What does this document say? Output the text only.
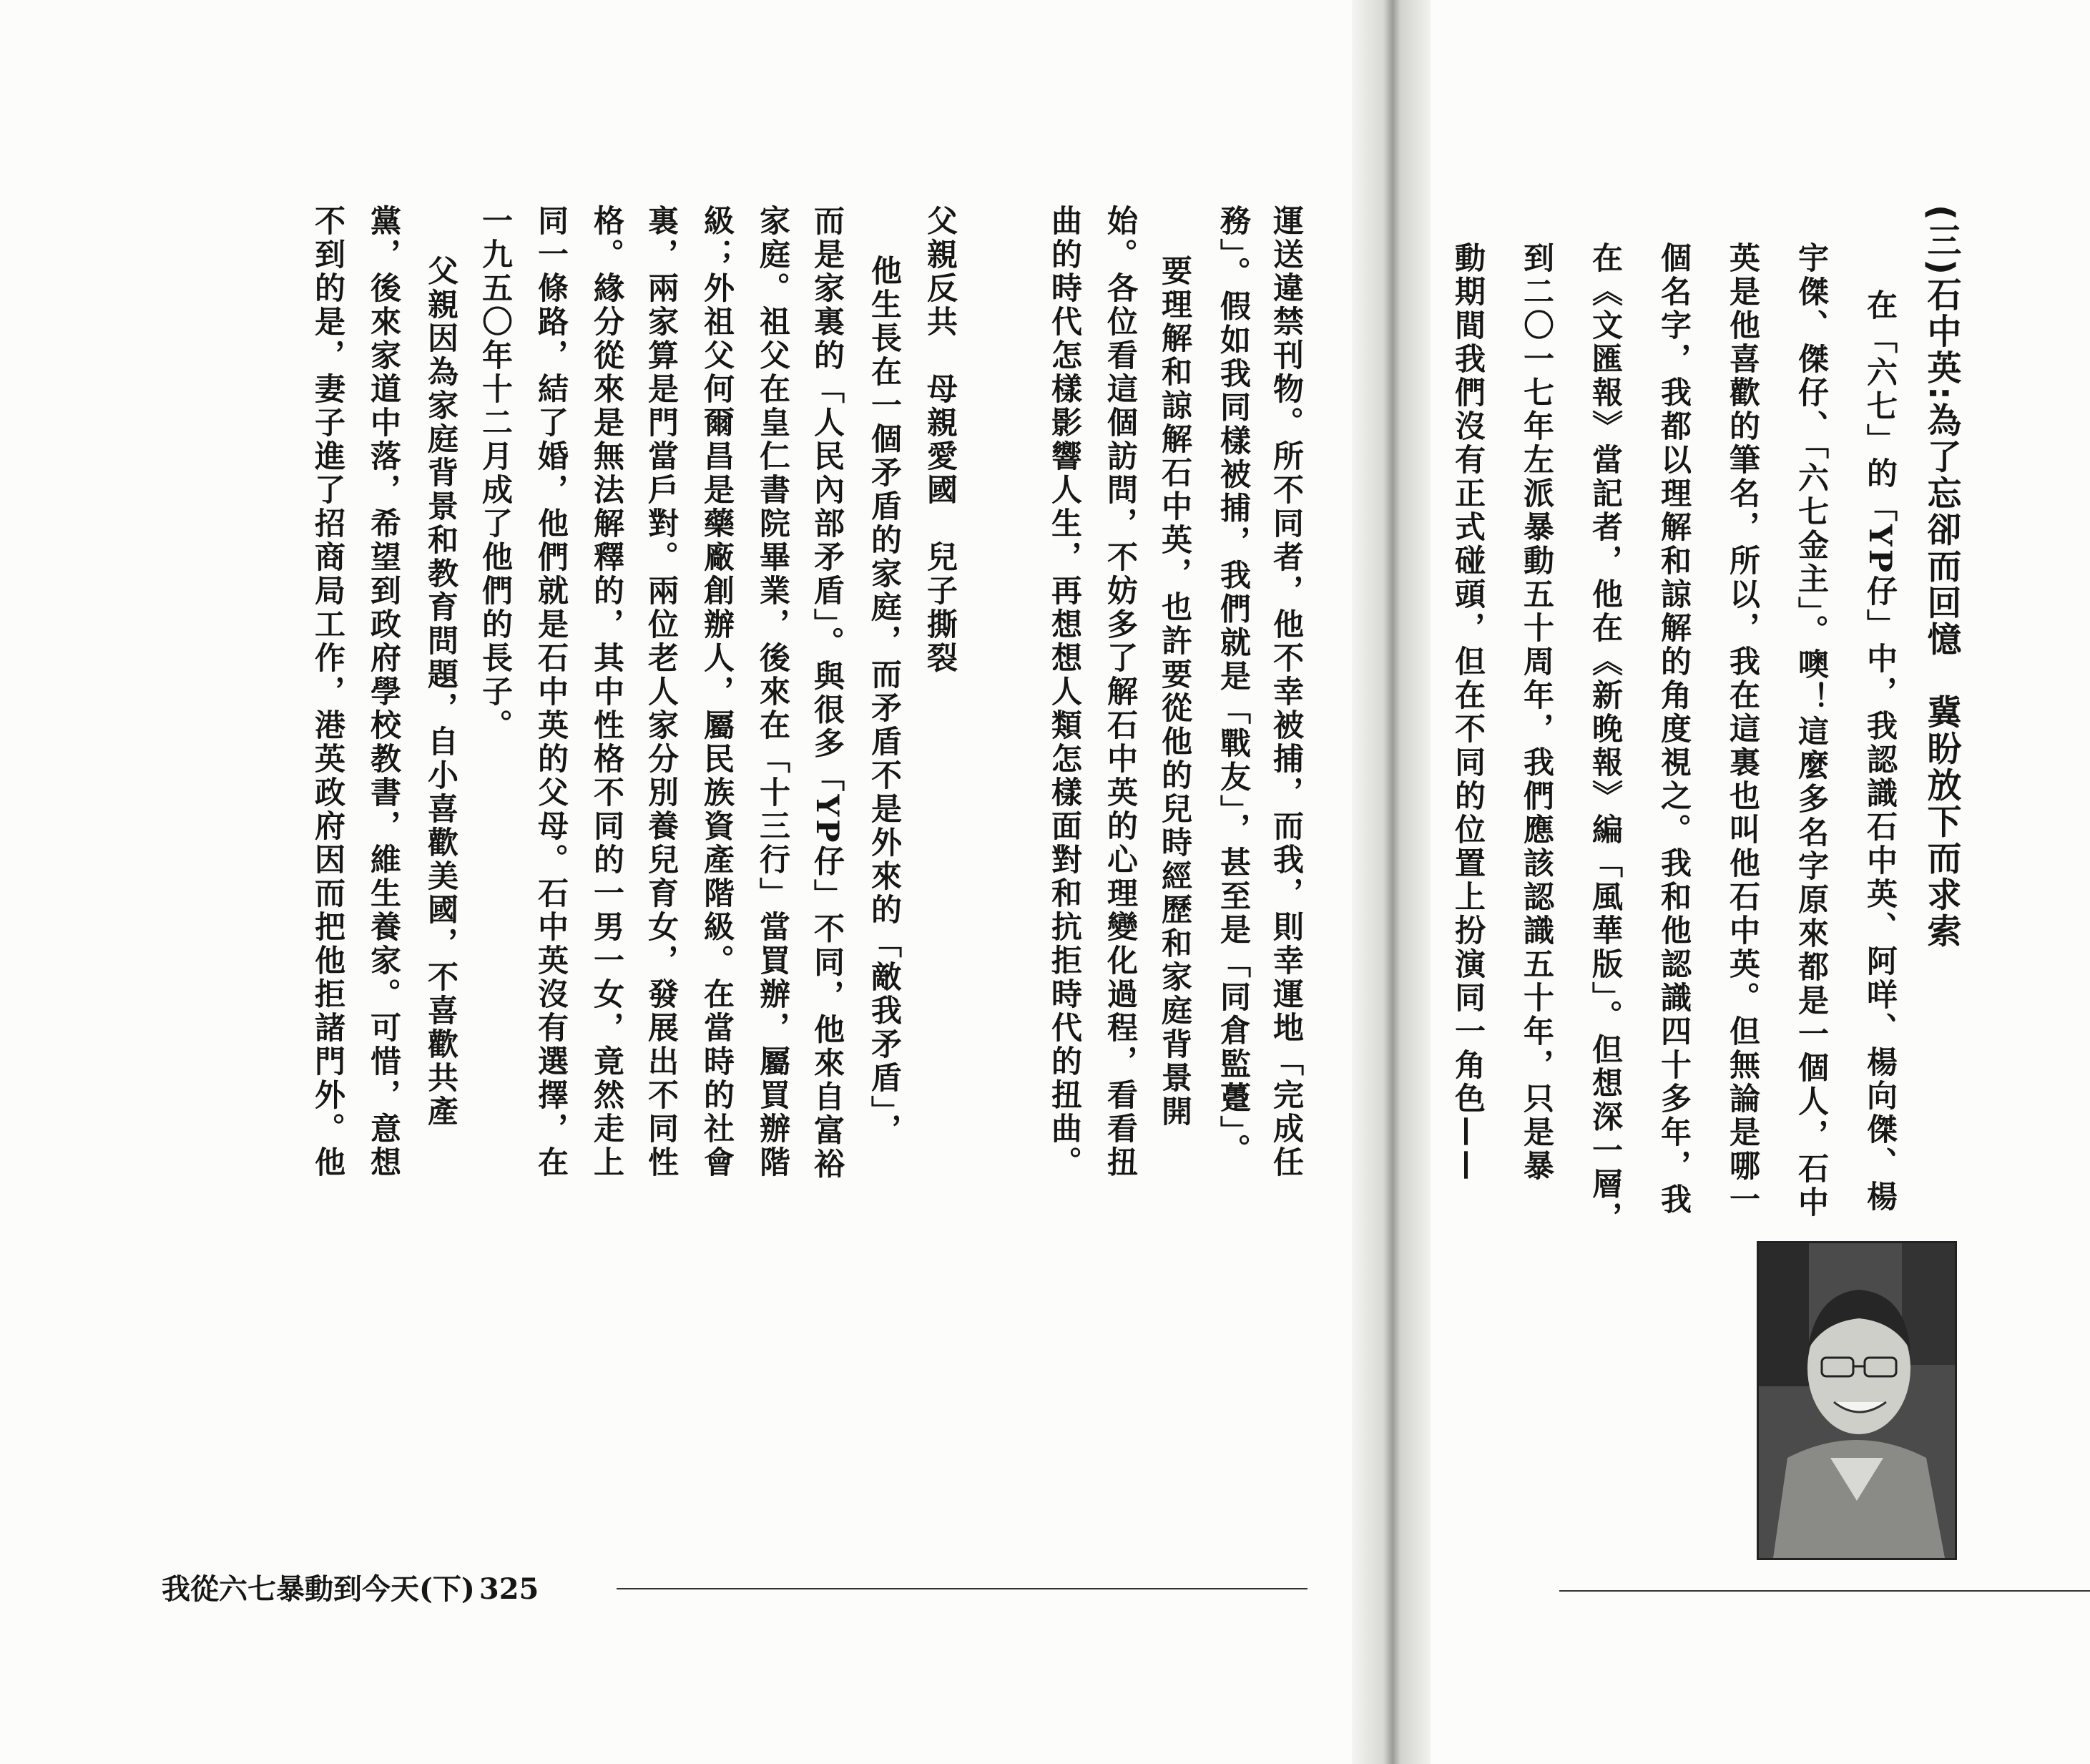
(三)石中英:為了忘卻而回憶　冀盼放下而求索
在「六七」的「YP仔」中，我認識石中英、阿咩、楊向傑、楊
宇傑、傑仔、「六七金主」。噢！這麼多名字原來都是一個人，石中
英是他喜歡的筆名，所以，我在這裏也叫他石中英。但無論是哪一
個名字，我都以理解和諒解的角度視之。我和他認識四十多年，我
在《文匯報》當記者，他在《新晚報》編「風華版」。但想深一層，
到二〇一七年左派暴動五十周年，我們應該認識五十年，只是暴
動期間我們沒有正式碰頭，但在不同的位置上扮演同一角色——
運送違禁刊物。所不同者，他不幸被捕，而我，則幸運地「完成任
務」。假如我同樣被捕，我們就是「戰友」，甚至是「同倉監躉」。
要理解和諒解石中英，也許要從他的兒時經歷和家庭背景開
始。各位看這個訪問，不妨多了解石中英的心理變化過程，看看扭
曲的時代怎樣影響人生，再想想人類怎樣面對和抗拒時代的扭曲。
父親反共　母親愛國　兒子撕裂
他生長在一個矛盾的家庭，而矛盾不是外來的「敵我矛盾」，
而是家裏的「人民內部矛盾」。與很多「YP仔」不同，他來自富裕
家庭。祖父在皇仁書院畢業，後來在「十三行」當買辦，屬買辦階
級；外祖父何爾昌是藥廠創辦人，屬民族資產階級。在當時的社會
裏，兩家算是門當戶對。兩位老人家分別養兒育女，發展出不同性
格。緣分從來是無法解釋的，其中性格不同的一男一女，竟然走上
同一條路，結了婚，他們就是石中英的父母。石中英沒有選擇，在
一九五〇年十二月成了他們的長子。
父親因為家庭背景和教育問題，自小喜歡美國，不喜歡共產
黨，後來家道中落，希望到政府學校教書，維生養家。可惜，意想
不到的是，妻子進了招商局工作，港英政府因而把他拒諸門外。他
我從六七暴動到今天(下) 325
